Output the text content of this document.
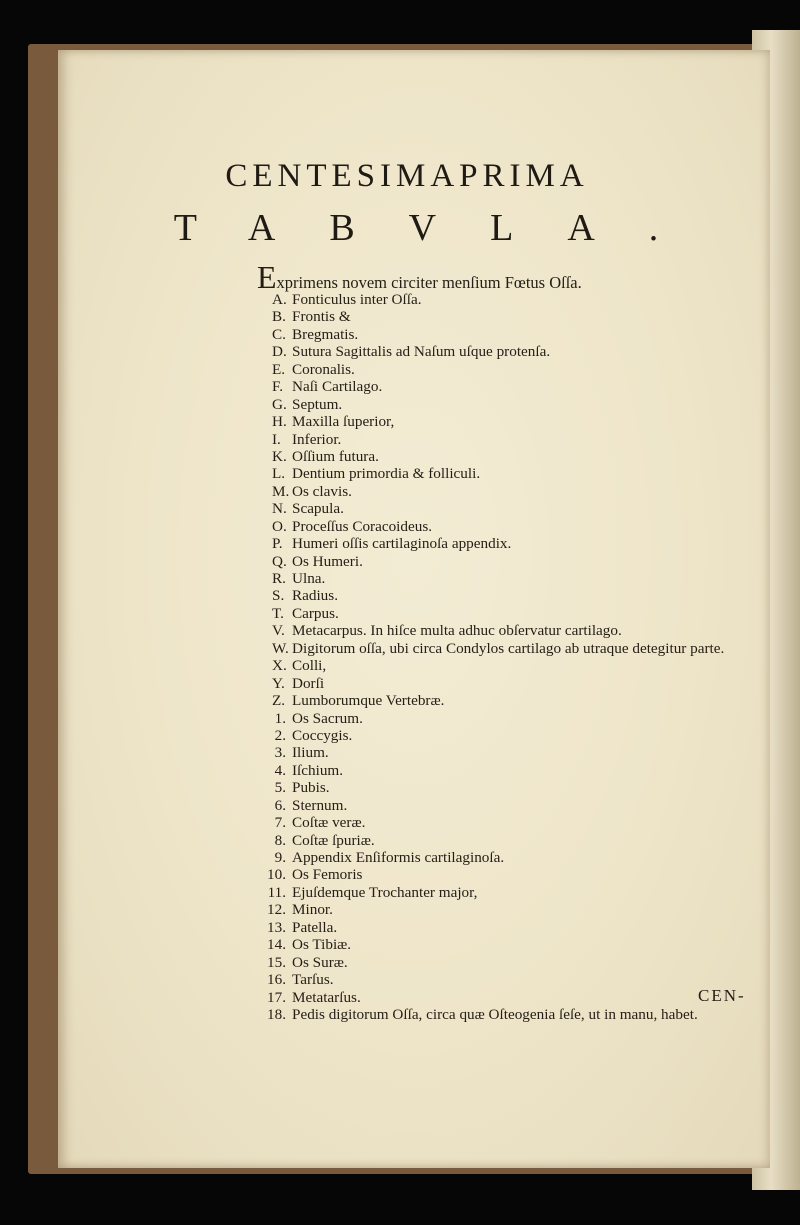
CENTESIMAPRIMA
TABVLA.
Exprimens novem circiter menſium Fœtus Oſſa.
A. Fonticulus inter Oſſa.
B. Frontis &
C. Bregmatis.
D. Sutura Sagittalis ad Naſum uſque protenſa.
E. Coronalis.
F. Naſi Cartilago.
G. Septum.
H. Maxilla ſuperior,
I. Inferior.
K. Oſſium futura.
L. Dentium primordia & folliculi.
M. Os clavis.
N. Scapula.
O. Proceſſus Coracoideus.
P. Humeri oſſis cartilaginoſa appendix.
Q. Os Humeri.
R. Ulna.
S. Radius.
T. Carpus.
V. Metacarpus. In hiſce multa adhuc obſervatur cartilago.
W. Digitorum oſſa, ubi circa Condylos cartilago ab utraque detegitur parte.
X. Colli,
Y. Dorſi
Z. Lumborumque Vertebræ.
1. Os Sacrum.
2. Coccygis.
3. Ilium.
4. Iſchium.
5. Pubis.
6. Sternum.
7. Coſtæ veræ.
8. Coſtæ ſpuriæ.
9. Appendix Enſiformis cartilaginoſa.
10. Os Femoris
11. Ejuſdemque Trochanter major,
12. Minor.
13. Patella.
14. Os Tibiæ.
15. Os Suræ.
16. Tarſus.
17. Metatarſus.
18. Pedis digitorum Oſſa, circa quæ Oſteogenia ſeſe, ut in manu, habet.
CEN-
